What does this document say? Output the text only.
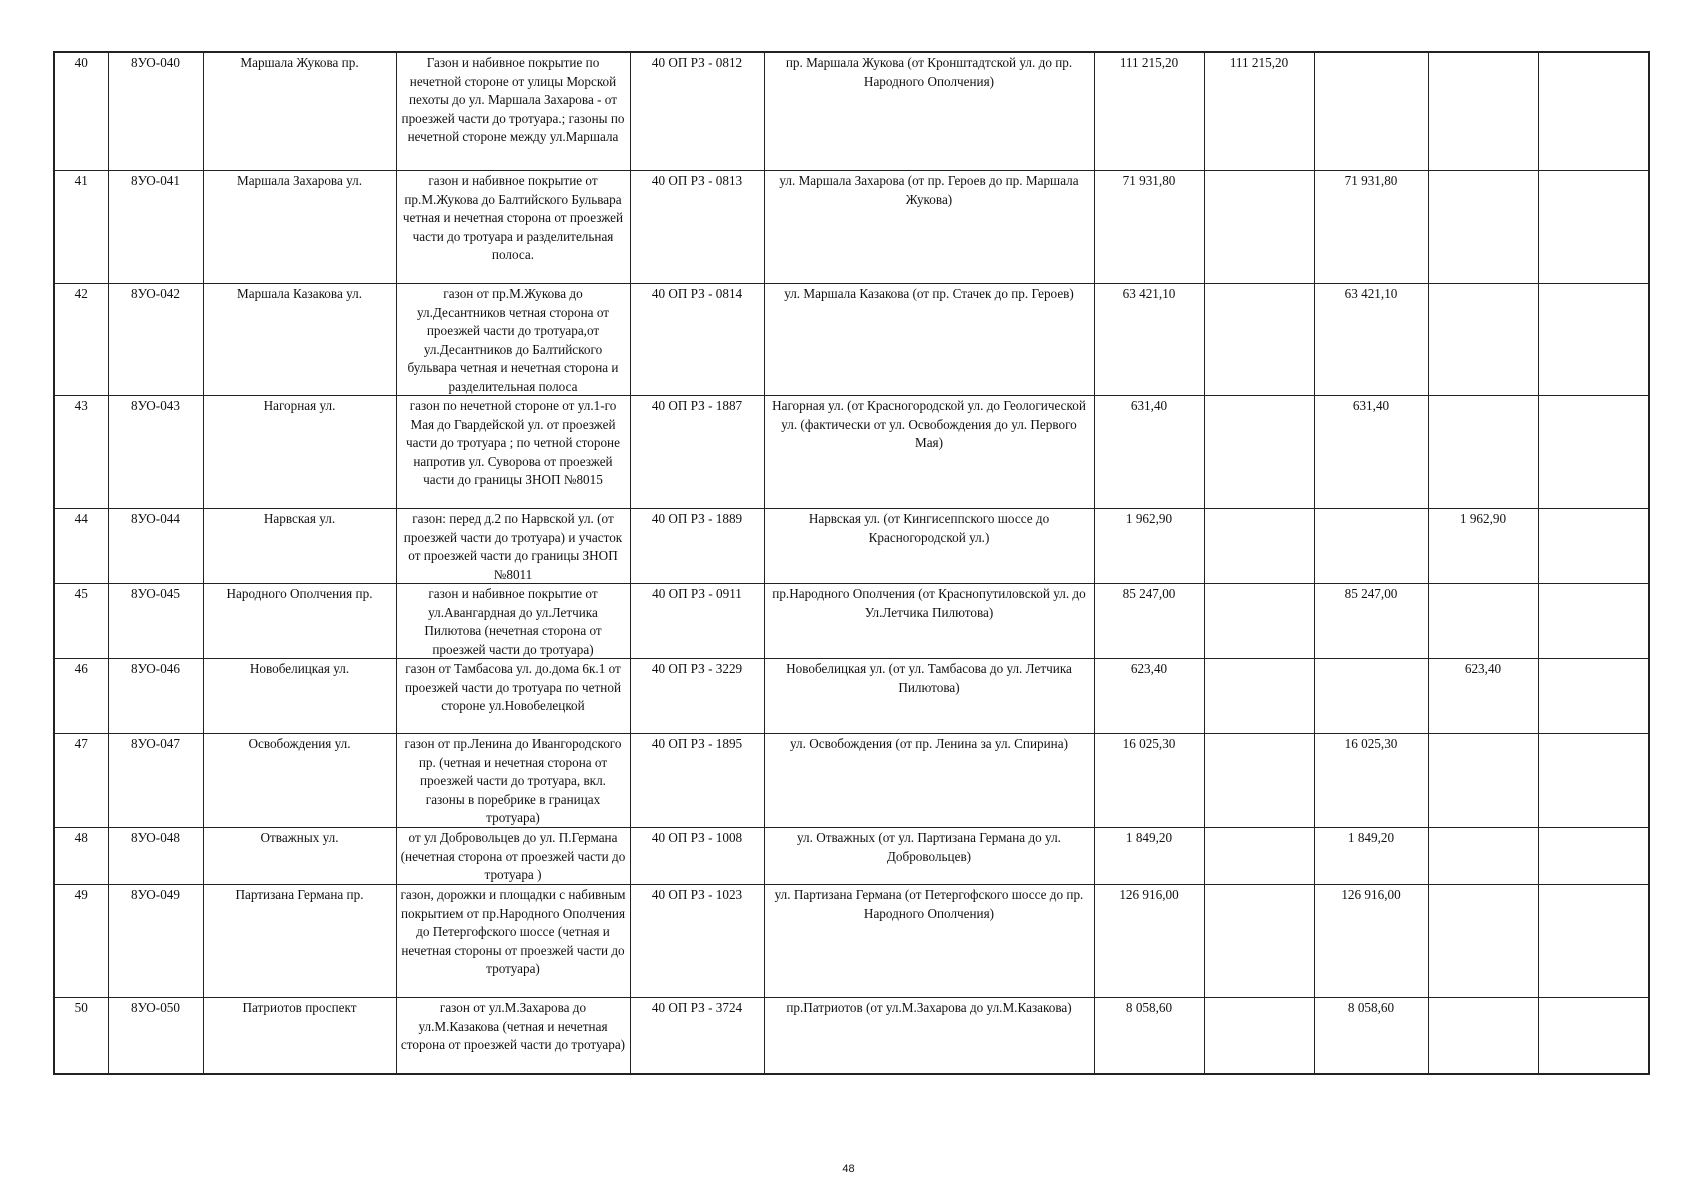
40	8УО-040	Маршала Жукова пр.	Газон и набивное покрытие по нечетной стороне от улицы Морской пехоты до ул. Маршала Захарова - от проезжей части до тротуара.; газоны по нечетной стороне между ул.Маршала	40 ОП РЗ - 0812	пр. Маршала Жукова (от Кронштадтской ул. до пр. Народного Ополчения)	111 215,20	111 215,20			

41	8УО-041	Маршала Захарова ул.	газон и набивное покрытие от пр.М.Жукова до Балтийского Бульвара четная и нечетная сторона от проезжей части до тротуара и разделительная полоса.	40 ОП РЗ - 0813	ул. Маршала Захарова (от пр. Героев до пр. Маршала Жукова)	71 931,80		71 931,80		

42	8УО-042	Маршала Казакова ул.	газон от пр.М.Жукова до ул.Десантников четная сторона от проезжей части до тротуара,от ул.Десантников до Балтийского бульвара четная и нечетная сторона и разделительная полоса	40 ОП РЗ - 0814	ул. Маршала Казакова (от пр. Стачек до пр. Героев)	63 421,10		63 421,10		

43	8УО-043	Нагорная ул.	газон по нечетной стороне от ул.1-го Мая до Гвардейской ул. от проезжей части до тротуара ; по четной стороне напротив ул. Суворова от проезжей части до границы ЗНОП №8015	40 ОП РЗ - 1887	Нагорная ул. (от Красногородской ул. до Геологической ул. (фактически от ул. Освобождения до ул. Первого Мая)	631,40		631,40		

44	8УО-044	Нарвская ул.	газон: перед д.2 по Нарвской ул. (от проезжей части до тротуара) и участок от проезжей части до границы ЗНОП №8011	40 ОП РЗ - 1889	Нарвская ул. (от Кингисеппского шоссе до Красногородской ул.)	1 962,90			1 962,90	

45	8УО-045	Народного Ополчения пр.	газон и набивное покрытие от ул.Авангардная до ул.Летчика Пилютова (нечетная сторона от проезжей части до тротуара)	40 ОП РЗ - 0911	пр.Народного Ополчения (от Краснопутиловской ул. до Ул.Летчика Пилютова)	85 247,00		85 247,00		

46	8УО-046	Новобелицкая ул.	газон от Тамбасова ул. до.дома 6к.1 от проезжей части до тротуара по четной стороне ул.Новобелецкой	40 ОП РЗ - 3229	Новобелицкая ул. (от ул. Тамбасова до ул. Летчика Пилютова)	623,40			623,40	

47	8УО-047	Освобождения ул.	газон от пр.Ленина до Ивангородского пр. (четная и нечетная сторона от проезжей части до тротуара, вкл. газоны в поребрике в границах тротуара)	40 ОП РЗ - 1895	ул. Освобождения (от пр. Ленина за ул. Спирина)	16 025,30		16 025,30		

48	8УО-048	Отважных ул.	от ул Добровольцев до ул. П.Германа (нечетная сторона от проезжей части до тротуара )	40 ОП РЗ - 1008	ул. Отважных (от ул. Партизана Германа до ул. Добровольцев)	1 849,20		1 849,20		

49	8УО-049	Партизана Германа пр.	газон, дорожки и площадки с набивным покрытием от пр.Народного Ополчения до Петергофского шоссе (четная и нечетная стороны от проезжей части до тротуара)	40 ОП РЗ - 1023	ул. Партизана Германа (от Петергофского шоссе до пр. Народного Ополчения)	126 916,00		126 916,00		

50	8УО-050	Патриотов проспект	газон от ул.М.Захарова до ул.М.Казакова (четная и нечетная сторона от проезжей части до тротуара)	40 ОП РЗ - 3724	пр.Патриотов (от ул.М.Захарова до ул.М.Казакова)	8 058,60		8 058,60		

48
